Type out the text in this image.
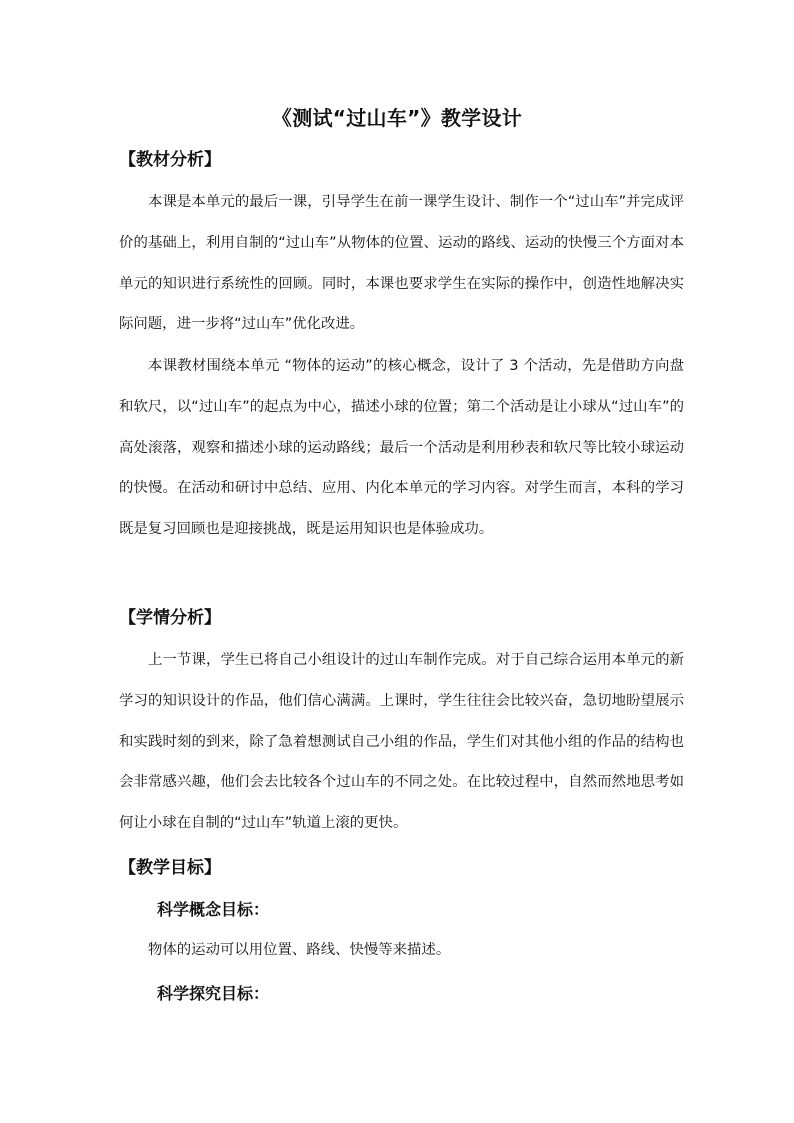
《测试“过山车”》教学设计
【教材分析】

本课是本单元的最后一课，引导学生在前一课学生设计、制作一个“过山车”并完成评价的基础上，利用自制的“过山车”从物体的位置、运动的路线、运动的快慢三个方面对本单元的知识进行系统性的回顾。同时，本课也要求学生在实际的操作中，创造性地解决实际问题，进一步将“过山车”优化改进。

本课教材围绕本单元 “物体的运动”的核心概念，设计了 3 个活动，先是借助方向盘和软尺，以“过山车”的起点为中心，描述小球的位置；第二个活动是让小球从“过山车”的高处滚落，观察和描述小球的运动路线；最后一个活动是利用秒表和软尺等比较小球运动的快慢。在活动和研讨中总结、应用、内化本单元的学习内容。对学生而言，本科的学习既是复习回顾也是迎接挑战，既是运用知识也是体验成功。

【学情分析】

上一节课，学生已将自己小组设计的过山车制作完成。对于自己综合运用本单元的新学习的知识设计的作品，他们信心满满。上课时，学生往往会比较兴奋，急切地盼望展示和实践时刻的到来，除了急着想测试自己小组的作品，学生们对其他小组的作品的结构也会非常感兴趣，他们会去比较各个过山车的不同之处。在比较过程中，自然而然地思考如何让小球在自制的“过山车”轨道上滚的更快。

【教学目标】
科学概念目标：
物体的运动可以用位置、路线、快慢等来描述。
科学探究目标：
